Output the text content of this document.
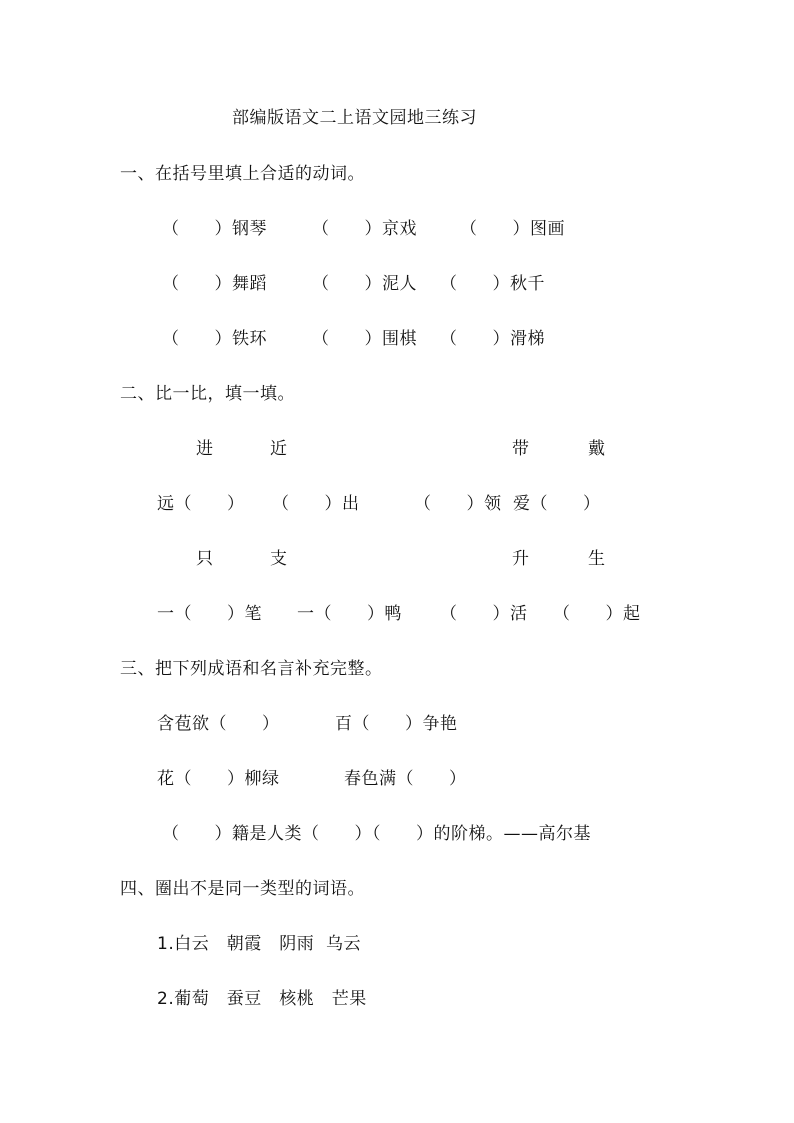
部编版语文二上语文园地三练习
一、在括号里填上合适的动词。
（　　）钢琴	（　　）京戏	（　　）图画
（　　）舞蹈	（　　）泥人 （　　）秋千
（　　）铁环	（　　）围棋 （　　）滑梯
二、比一比，填一填。
进	近	带	戴
远（　　） （　　）出	（　　）领 爱（　　）
只	支	升	生
一（　　）笔 一（　　）鸭 （　　）活 （　　）起
三、把下列成语和名言补充完整。
含苞欲（　　）	百（　　）争艳
花（　　）柳绿	春色满（　　）
（　　）籍是人类（　　）（　　）的阶梯。——高尔基
四、圈出不是同一类型的词语。
1.白云　朝霞　阴雨  乌云
2.葡萄　蚕豆　核桃　芒果
